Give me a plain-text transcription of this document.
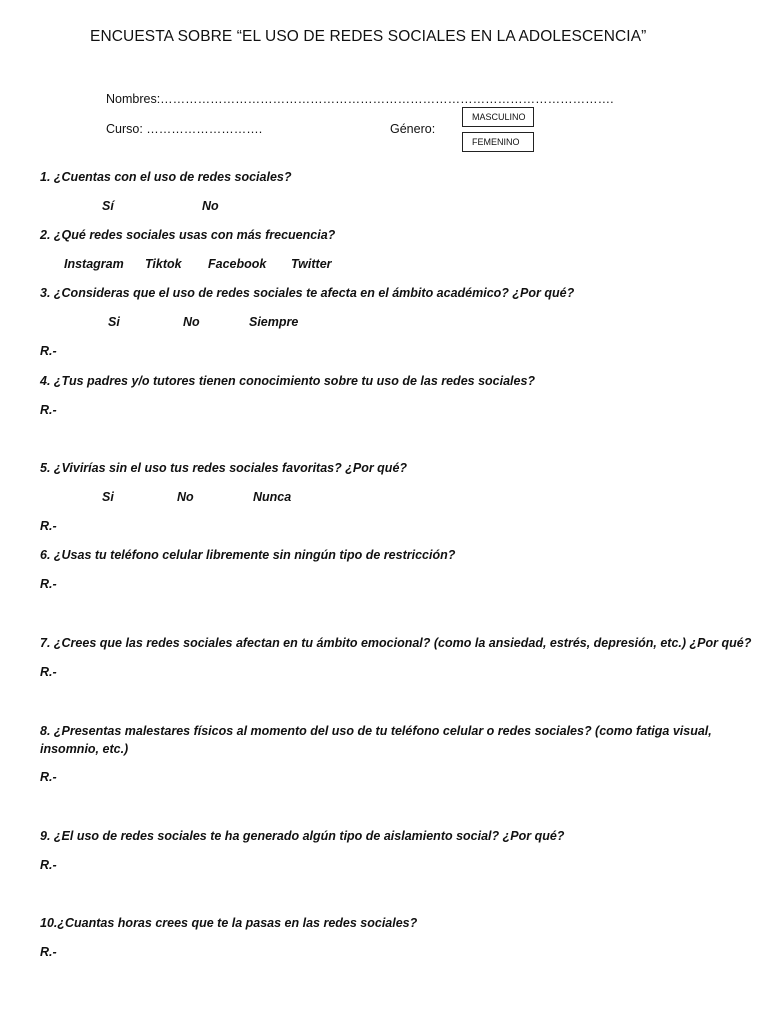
ENCUESTA SOBRE “EL USO DE REDES SOCIALES EN LA ADOLESCENCIA”
Nombres:……………………………………………………………………………………………….
Curso: ……………………….	Género:
MASCULINO
FEMENINO
1. ¿Cuentas con el uso de redes sociales?
Sí	No
2. ¿Qué redes sociales usas con más frecuencia?
Instagram Tiktok Facebook Twitter
3. ¿Consideras que el uso de redes sociales te afecta en el ámbito académico? ¿Por qué?
Si	No	Siempre
R.-
4. ¿Tus padres y/o tutores tienen conocimiento sobre tu uso de las redes sociales?
R.-
5. ¿Vivirías sin el uso tus redes sociales favoritas? ¿Por qué?
Si	No	Nunca
R.-
6. ¿Usas tu teléfono celular libremente sin ningún tipo de restricción?
R.-
7. ¿Crees que las redes sociales afectan en tu ámbito emocional? (como la ansiedad, estrés, depresión, etc.) ¿Por qué?
R.-
8. ¿Presentas malestares físicos al momento del uso de tu teléfono celular o redes sociales? (como fatiga visual, insomnio, etc.)
R.-
9. ¿El uso de redes sociales te ha generado algún tipo de aislamiento social? ¿Por qué?
R.-
10.¿Cuantas horas crees que te la pasas en las redes sociales?
R.-
